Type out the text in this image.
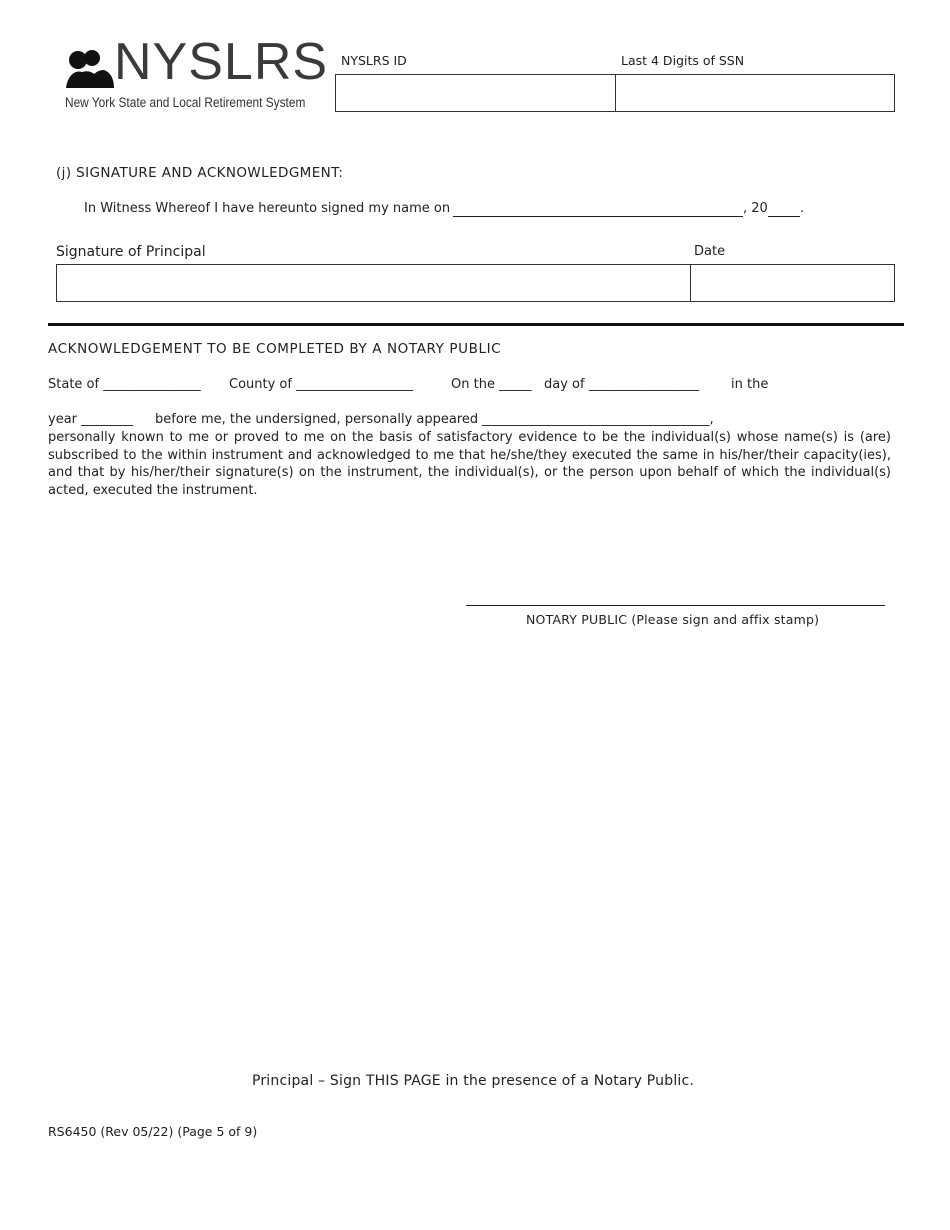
NYSLRS
New York State and Local Retirement System
NYSLRS ID	Last 4 Digits of SSN
(j) SIGNATURE AND ACKNOWLEDGMENT:
In Witness Whereof I have hereunto signed my name on	, 20 .
Signature of Principal	Date
ACKNOWLEDGEMENT TO BE COMPLETED BY A NOTARY PUBLIC
State of _______________ County of __________________	On the _____ day of _________________ in the
year ________ before me, the undersigned, personally appeared ___________________________________,
personally known to me or proved to me on the basis of satisfactory evidence to be the individual(s) whose name(s) is (are) subscribed to the within instrument and acknowledged to me that he/she/they executed the same in his/her/their capacity(ies), and that by his/her/their signature(s) on the instrument, the individual(s), or the person upon behalf of which the individual(s) acted, executed the instrument.
NOTARY PUBLIC (Please sign and affix stamp)
Principal – Sign THIS PAGE in the presence of a Notary Public.
RS6450 (Rev 05/22) (Page 5 of 9)
